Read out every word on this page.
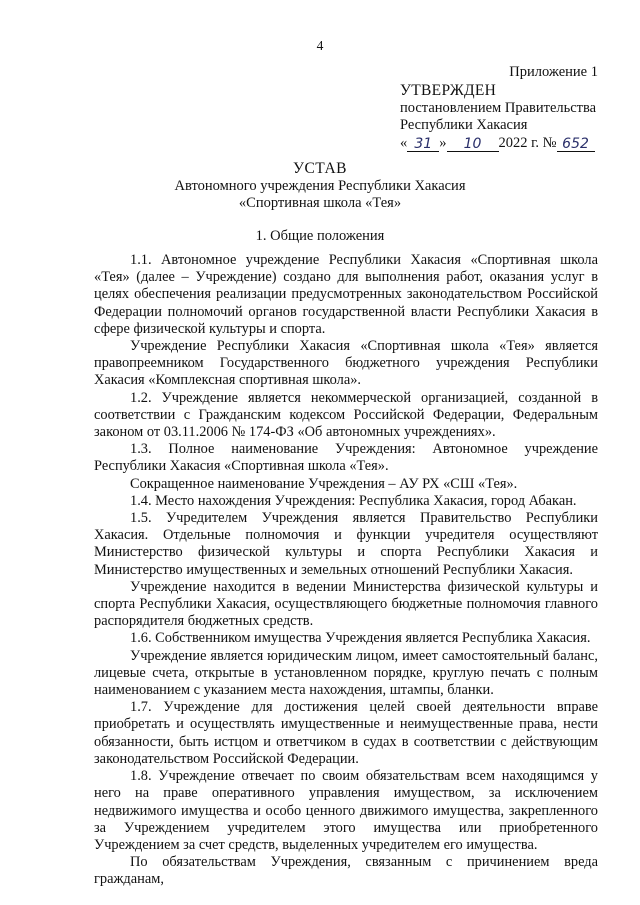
4
Приложение 1
УТВЕРЖДЕН
постановлением Правительства
Республики Хакасия
« 31 »	10	2022 г. № 652
УСТАВ
Автономного учреждения Республики Хакасия
«Спортивная школа «Тея»
1. Общие положения

1.1. Автономное учреждение Республики Хакасия «Спортивная школа «Тея» (далее – Учреждение) создано для выполнения работ, оказания услуг в целях обеспечения реализации предусмотренных законодательством Российской Федерации полномочий органов государственной власти Республики Хакасия в сфере физической культуры и спорта.

Учреждение Республики Хакасия «Спортивная школа «Тея» является правопреемником Государственного бюджетного учреждения Республики Хакасия «Комплексная спортивная школа».

1.2. Учреждение является некоммерческой организацией, созданной в соответствии с Гражданским кодексом Российской Федерации, Федеральным законом от 03.11.2006 № 174-ФЗ «Об автономных учреждениях».

1.3. Полное наименование Учреждения: Автономное учреждение Республики Хакасия «Спортивная школа «Тея».

Сокращенное наименование Учреждения – АУ РХ «СШ «Тея».

1.4. Место нахождения Учреждения: Республика Хакасия, город Абакан.

1.5. Учредителем Учреждения является Правительство Республики Хакасия. Отдельные полномочия и функции учредителя осуществляют Министерство физической культуры и спорта Республики Хакасия и Министерство имущественных и земельных отношений Республики Хакасия.

Учреждение находится в ведении Министерства физической культуры и спорта Республики Хакасия, осуществляющего бюджетные полномочия главного распорядителя бюджетных средств.

1.6. Собственником имущества Учреждения является Республика Хакасия.

Учреждение является юридическим лицом, имеет самостоятельный баланс, лицевые счета, открытые в установленном порядке, круглую печать с полным наименованием с указанием места нахождения, штампы, бланки.

1.7. Учреждение для достижения целей своей деятельности вправе приобретать и осуществлять имущественные и неимущественные права, нести обязанности, быть истцом и ответчиком в судах в соответствии с действующим законодательством Российской Федерации.

1.8. Учреждение отвечает по своим обязательствам всем находящимся у него на праве оперативного управления имуществом, за исключением недвижимого имущества и особо ценного движимого имущества, закрепленного за Учреждением учредителем этого имущества или приобретенного Учреждением за счет средств, выделенных учредителем его имущества.

По обязательствам Учреждения, связанным с причинением вреда гражданам,
